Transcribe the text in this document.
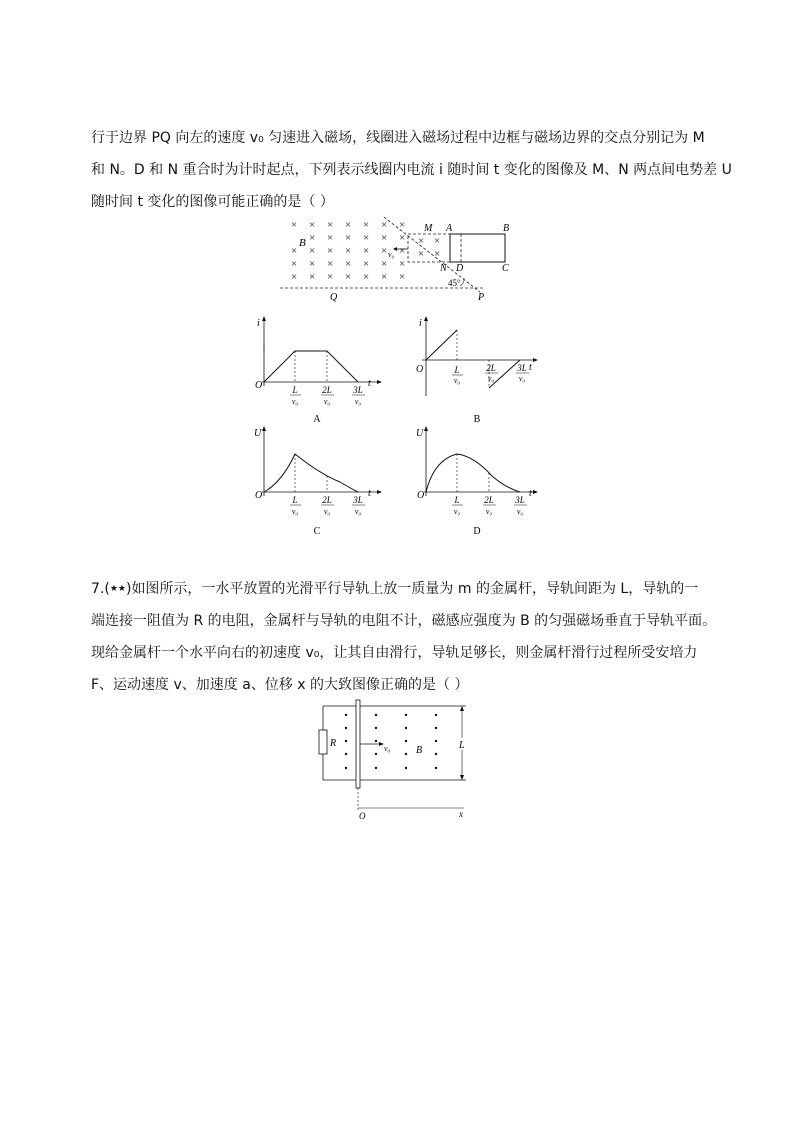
行于边界 PQ 向左的速度 v₀ 匀速进入磁场，线圈进入磁场过程中边框与磁场边界的交点分别记为 M
和 N。D 和 N 重合时为计时起点，下列表示线圈内电流 i 随时间 t 变化的图像及 M、N 两点间电势差 U
随时间 t 变化的图像可能正确的是（ ）
× × × × × × ×
× × × × × ×
× × × × × × ×
× × × × × × ×
× × × × × × ×
× ×
× ×
B
v₀
M A	B
C
D
N
45°
Q	P
i
O	t
L
v₀
2L
v₀
3L
v₀
A
i
O	t
L
v₀
2L
v₀
3L
v₀
B
U
O	t
L
v₀
2L
v₀
3L
v₀
C
U
O	t
L
v₀
2L
v₀
3L
v₀
D
7.(★★)如图所示，一水平放置的光滑平行导轨上放一质量为 m 的金属杆，导轨间距为 L，导轨的一
端连接一阻值为 R 的电阻，金属杆与导轨的电阻不计，磁感应强度为 B 的匀强磁场垂直于导轨平面。
现给金属杆一个水平向右的初速度 v₀，让其自由滑行，导轨足够长，则金属杆滑行过程所受安培力
F、运动速度 v、加速度 a、位移 x 的大致图像正确的是（ ）
R
O	x
v₀	B	L
